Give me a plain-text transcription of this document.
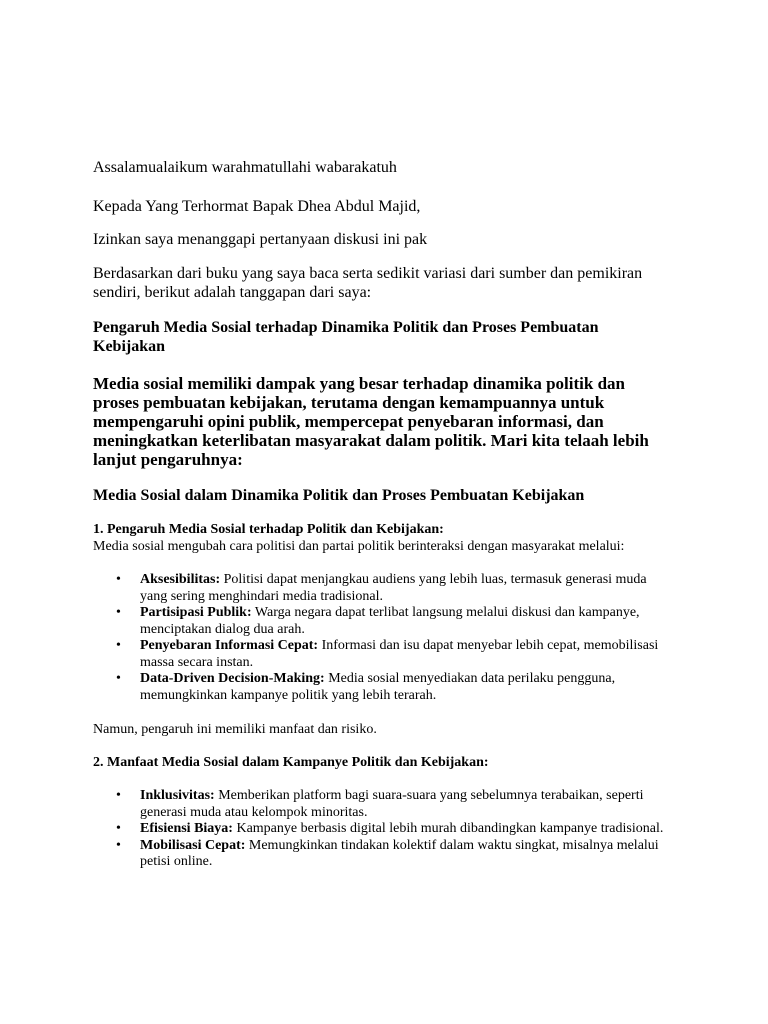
Assalamualaikum warahmatullahi wabarakatuh

Kepada Yang Terhormat Bapak Dhea Abdul Majid,

Izinkan saya menanggapi pertanyaan diskusi ini pak

Berdasarkan dari buku yang saya baca serta sedikit variasi dari sumber dan pemikiran sendiri, berikut adalah tanggapan dari saya:

Pengaruh Media Sosial terhadap Dinamika Politik dan Proses Pembuatan Kebijakan
Media sosial memiliki dampak yang besar terhadap dinamika politik dan proses pembuatan kebijakan, terutama dengan kemampuannya untuk mempengaruhi opini publik, mempercepat penyebaran informasi, dan meningkatkan keterlibatan masyarakat dalam politik. Mari kita telaah lebih lanjut pengaruhnya:
Media Sosial dalam Dinamika Politik dan Proses Pembuatan Kebijakan
1. Pengaruh Media Sosial terhadap Politik dan Kebijakan:

Media sosial mengubah cara politisi dan partai politik berinteraksi dengan masyarakat melalui:

• Aksesibilitas: Politisi dapat menjangkau audiens yang lebih luas, termasuk generasi muda yang sering menghindari media tradisional.
• Partisipasi Publik: Warga negara dapat terlibat langsung melalui diskusi dan kampanye, menciptakan dialog dua arah.
• Penyebaran Informasi Cepat: Informasi dan isu dapat menyebar lebih cepat, memobilisasi massa secara instan.
• Data-Driven Decision-Making: Media sosial menyediakan data perilaku pengguna, memungkinkan kampanye politik yang lebih terarah.

Namun, pengaruh ini memiliki manfaat dan risiko.

2. Manfaat Media Sosial dalam Kampanye Politik dan Kebijakan:
• Inklusivitas: Memberikan platform bagi suara-suara yang sebelumnya terabaikan, seperti generasi muda atau kelompok minoritas.
• Efisiensi Biaya: Kampanye berbasis digital lebih murah dibandingkan kampanye tradisional.
• Mobilisasi Cepat: Memungkinkan tindakan kolektif dalam waktu singkat, misalnya melalui petisi online.
